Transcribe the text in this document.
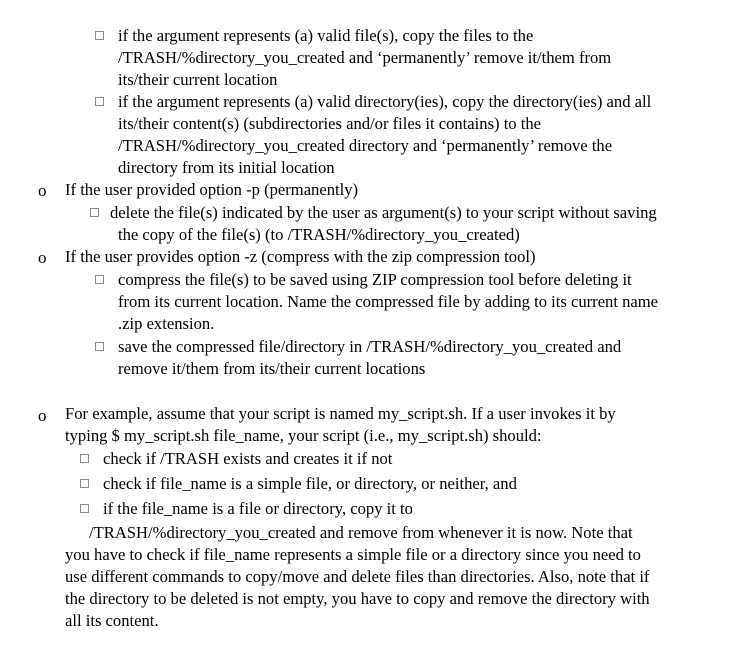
if the argument represents (a) valid file(s), copy the files to the
/TRASH/%directory_you_created and ‘permanently’ remove it/them from
its/their current location
if the argument represents (a) valid directory(ies), copy the directory(ies) and all
its/their content(s) (subdirectories and/or files it contains) to the
/TRASH/%directory_you_created directory and ‘permanently’ remove the
directory from its initial location
o If the user provided option -p (permanently)
delete the file(s) indicated by the user as argument(s) to your script without saving
the copy of the file(s) (to /TRASH/%directory_you_created)
o If the user provides option -z (compress with the zip compression tool)
compress the file(s) to be saved using ZIP compression tool before deleting it
from its current location. Name the compressed file by adding to its current name
.zip extension.
save the compressed file/directory in /TRASH/%directory_you_created and
remove it/them from its/their current locations
o For example, assume that your script is named my_script.sh. If a user invokes it by
typing $ my_script.sh file_name, your script (i.e., my_script.sh) should:
check if /TRASH exists and creates it if not
check if file_name is a simple file, or directory, or neither, and
if the file_name is a file or directory, copy it to
/TRASH/%directory_you_created and remove from whenever it is now. Note that
you have to check if file_name represents a simple file or a directory since you need to
use different commands to copy/move and delete files than directories. Also, note that if
the directory to be deleted is not empty, you have to copy and remove the directory with
all its content.
